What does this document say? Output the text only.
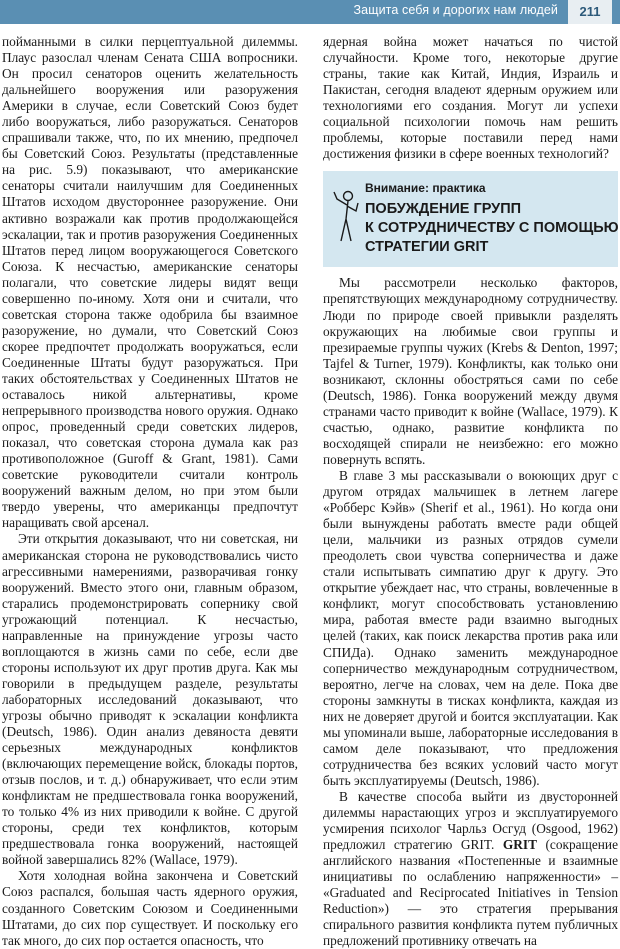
Защита себя и дорогих нам людей	211

пойманными в силки перцептуальной дилеммы. Плаус разослал членам Сената США вопросники. Он просил сенаторов оценить желательность дальнейшего вооружения или разоружения Америки в случае, если Советский Союз будет либо вооружаться, либо разоружаться. Сенаторов спрашивали также, что, по их мнению, предпочел бы Советский Союз. Результаты (представленные на рис. 5.9) показывают, что американские сенаторы считали наилучшим для Соединенных Штатов исходом двустороннее разоружение. Они активно возражали как против продолжающейся эскалации, так и против разоружения Соединенных Штатов перед лицом вооружающегося Советского Союза. К несчастью, американские сенаторы полагали, что советские лидеры видят вещи совершенно по-иному. Хотя они и считали, что советская сторона также одобрила бы взаимное разоружение, но думали, что Советский Союз скорее предпочтет продолжать вооружаться, если Соединенные Штаты будут разоружаться. При таких обстоятельствах у Соединенных Штатов не оставалось никой альтернативы, кроме непрерывного производства нового оружия. Однако опрос, проведенный среди советских лидеров, показал, что советская сторона думала как раз противоположное (Guroff & Grant, 1981). Сами советские руководители считали контроль вооружений важным делом, но при этом были твердо уверены, что американцы предпочтут наращивать свой арсенал.

Эти открытия доказывают, что ни советская, ни американская сторона не руководствовались чисто агрессивными намерениями, разворачивая гонку вооружений. Вместо этого они, главным образом, старались продемонстрировать сопернику свой угрожающий потенциал. К несчастью, направленные на принуждение угрозы часто воплощаются в жизнь сами по себе, если две стороны используют их друг против друга. Как мы говорили в предыдущем разделе, результаты лабораторных исследований доказывают, что угрозы обычно приводят к эскалации конфликта (Deutsch, 1986). Один анализ девяноста девяти серьезных международных конфликтов (включающих перемещение войск, блокады портов, отзыв послов, и т. д.) обнаруживает, что если этим конфликтам не предшествовала гонка вооружений, то только 4% из них приводили к войне. С другой стороны, среди тех конфликтов, которым предшествовала гонка вооружений, настоящей войной завершались 82% (Wallace, 1979).

Хотя холодная война закончена и Советский Союз распался, большая часть ядерного оружия, созданного Советским Союзом и Соединенными Штатами, до сих пор существует. И поскольку его так много, до сих пор остается опасность, что

ядерная война может начаться по чистой случайности. Кроме того, некоторые другие страны, такие как Китай, Индия, Израиль и Пакистан, сегодня владеют ядерным оружием или технологиями его создания. Могут ли успехи социальной психологии помочь нам решить проблемы, которые поставили перед нами достижения физики в сфере военных технологий?

Внимание: практика
ПОБУЖДЕНИЕ ГРУПП
К СОТРУДНИЧЕСТВУ С ПОМОЩЬЮ
СТРАТЕГИИ GRIT

Мы рассмотрели несколько факторов, препятствующих международному сотрудничеству. Люди по природе своей привыкли разделять окружающих на любимые свои группы и презираемые группы чужих (Krebs & Denton, 1997; Tajfel & Turner, 1979). Конфликты, как только они возникают, склонны обостряться сами по себе (Deutsch, 1986). Гонка вооружений между двумя странами часто приводит к войне (Wallace, 1979). К счастью, однако, развитие конфликта по восходящей спирали не неизбежно: его можно повернуть вспять.

В главе 3 мы рассказывали о воюющих друг с другом отрядах мальчишек в летнем лагере «Робберс Кэйв» (Sherif et al., 1961). Но когда они были вынуждены работать вместе ради общей цели, мальчики из разных отрядов сумели преодолеть свои чувства соперничества и даже стали испытывать симпатию друг к другу. Это открытие убеждает нас, что страны, вовлеченные в конфликт, могут способствовать установлению мира, работая вместе ради взаимно выгодных целей (таких, как поиск лекарства против рака или СПИДа). Однако заменить международное соперничество международным сотрудничеством, вероятно, легче на словах, чем на деле. Пока две стороны замкнуты в тисках конфликта, каждая из них не доверяет другой и боится эксплуатации. Как мы упоминали выше, лабораторные исследования в самом деле показывают, что предложения сотрудничества без всяких условий часто могут быть эксплуатируемы (Deutsch, 1986).

В качестве способа выйти из двусторонней дилеммы нарастающих угроз и эксплуатируемого усмирения психолог Чарльз Осгуд (Osgood, 1962) предложил стратегию GRIT. GRIT (сокращение английского названия «Постепенные и взаимные инициативы по ослаблению напряженности» – «Graduated and Reciprocated Initiatives in Tension Reduction») — это стратегия прерывания спирального развития конфликта путем публичных предложений противнику отвечать на
